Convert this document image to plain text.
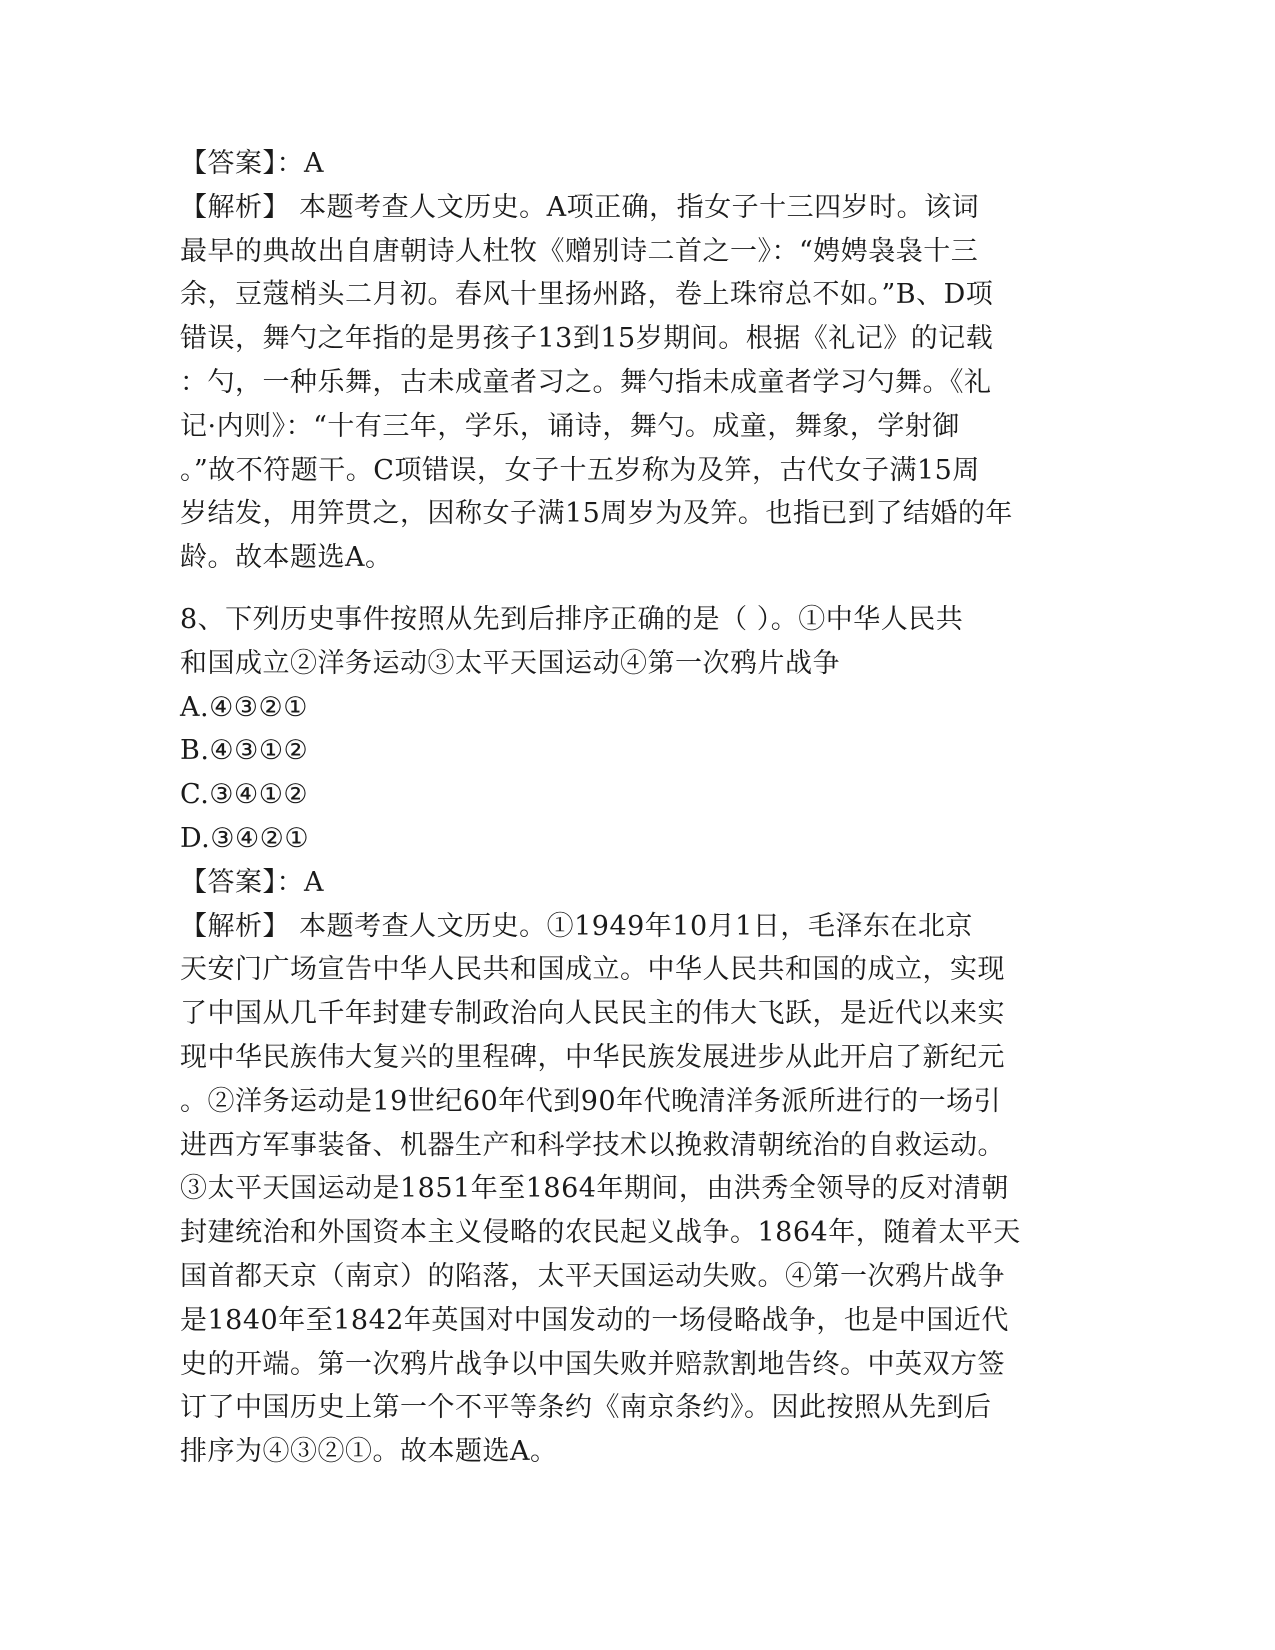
【答案】：A
【解析】 本题考查人文历史。A项正确，指女子十三四岁时。该词
最早的典故出自唐朝诗人杜牧《赠别诗二首之一》：“娉娉袅袅十三
余，豆蔻梢头二月初。春风十里扬州路，卷上珠帘总不如。”B、D项
错误，舞勺之年指的是男孩子13到15岁期间。根据《礼记》的记载
：勺，一种乐舞，古未成童者习之。舞勺指未成童者学习勺舞。《礼
记·内则》：“十有三年，学乐，诵诗，舞勺。成童，舞象，学射御
。”故不符题干。C项错误，女子十五岁称为及笄，古代女子满15周
岁结发，用笄贯之，因称女子满15周岁为及笄。也指已到了结婚的年
龄。故本题选A。
8、下列历史事件按照从先到后排序正确的是（ ）。①中华人民共
和国成立②洋务运动③太平天国运动④第一次鸦片战争
A.④③②①
B.④③①②
C.③④①②
D.③④②①
【答案】：A
【解析】 本题考查人文历史。①1949年10月1日，毛泽东在北京
天安门广场宣告中华人民共和国成立。中华人民共和国的成立，实现
了中国从几千年封建专制政治向人民民主的伟大飞跃，是近代以来实
现中华民族伟大复兴的里程碑，中华民族发展进步从此开启了新纪元
。②洋务运动是19世纪60年代到90年代晚清洋务派所进行的一场引
进西方军事装备、机器生产和科学技术以挽救清朝统治的自救运动。
③太平天国运动是1851年至1864年期间，由洪秀全领导的反对清朝
封建统治和外国资本主义侵略的农民起义战争。1864年，随着太平天
国首都天京（南京）的陷落，太平天国运动失败。④第一次鸦片战争
是1840年至1842年英国对中国发动的一场侵略战争，也是中国近代
史的开端。第一次鸦片战争以中国失败并赔款割地告终。中英双方签
订了中国历史上第一个不平等条约《南京条约》。因此按照从先到后
排序为④③②①。故本题选A。
